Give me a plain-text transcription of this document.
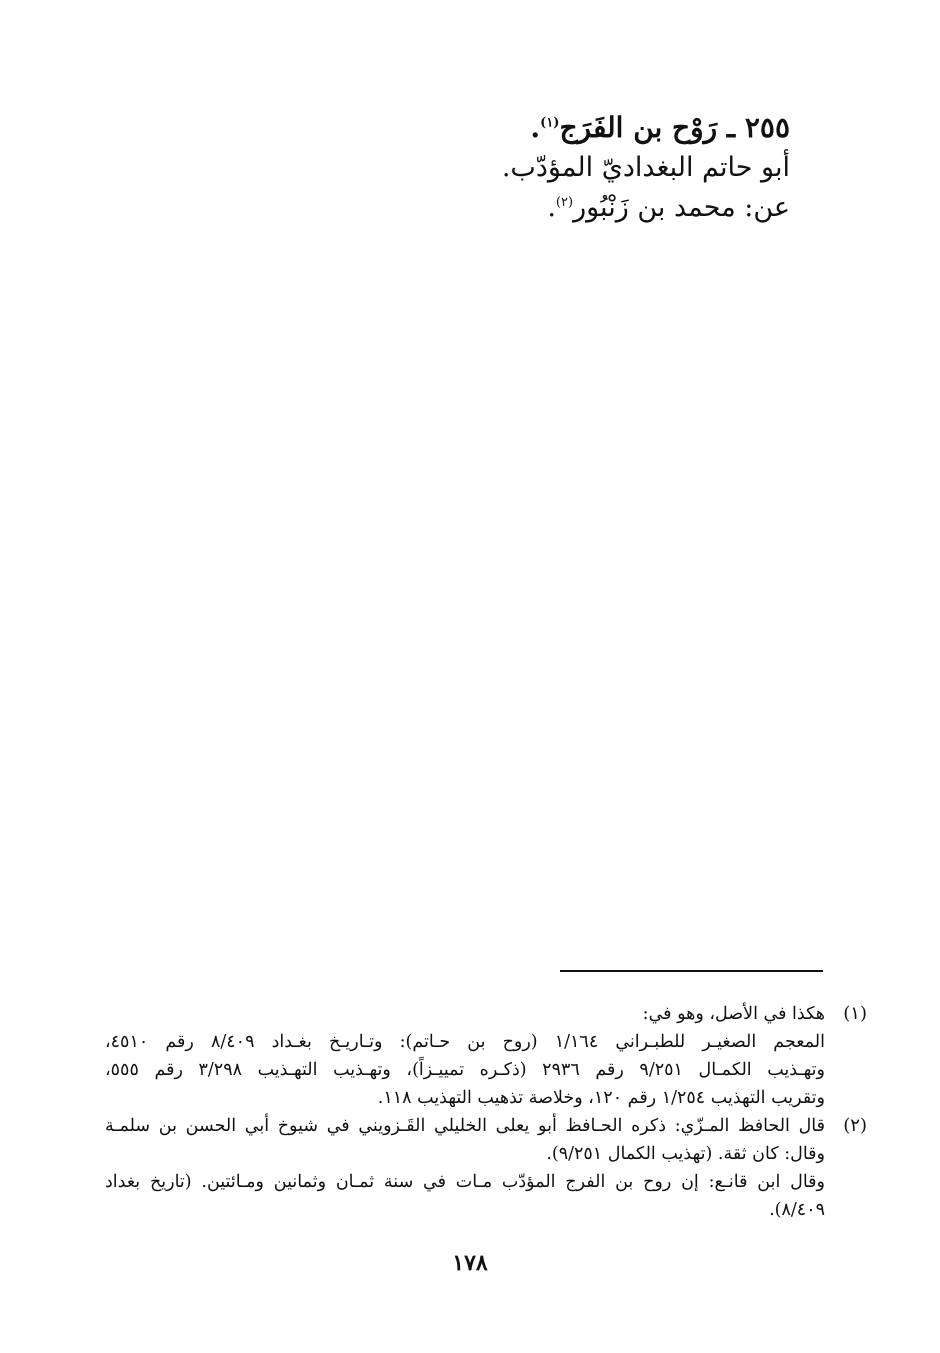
٢٥٥ ـ رَوْح بن الفَرَج$^{(١)}$.
أبو حاتم البغداديّ المؤدّب.
عن: محمد بن زَنْبُور$^{(٢)}$.
(١)
هكذا في الأصل، وهو في:
المعجم الصغيـر للطبـراني ١/١٦٤ (روح بن حـاتم): وتـاريـخ بغـداد ٨/٤٠٩ رقم ٤٥١٠،
وتهـذيب الكمـال ٩/٢٥١ رقم ٢٩٣٦ (ذكـره تمييـزاً)، وتهـذيب التهـذيب ٣/٢٩٨ رقم ٥٥٥،
وتقريب التهذيب ١/٢٥٤ رقم ١٢٠، وخلاصة تذهيب التهذيب ١١٨.
(٢)
قال الحافظ المـزّي: ذكره الحـافظ أبو يعلى الخليلي القَـزويني في شيوخ أبي الحسن بن سلمـة
وقال: كان ثقة. (تهذيب الكمال ٩/٢٥١).
وقال ابن قانـع: إن روح بن الفرج المؤدّب مـات في سنة ثمـان وثمانين ومـائتين. (تاريخ بغداد
٨/٤٠٩).
١٧٨
